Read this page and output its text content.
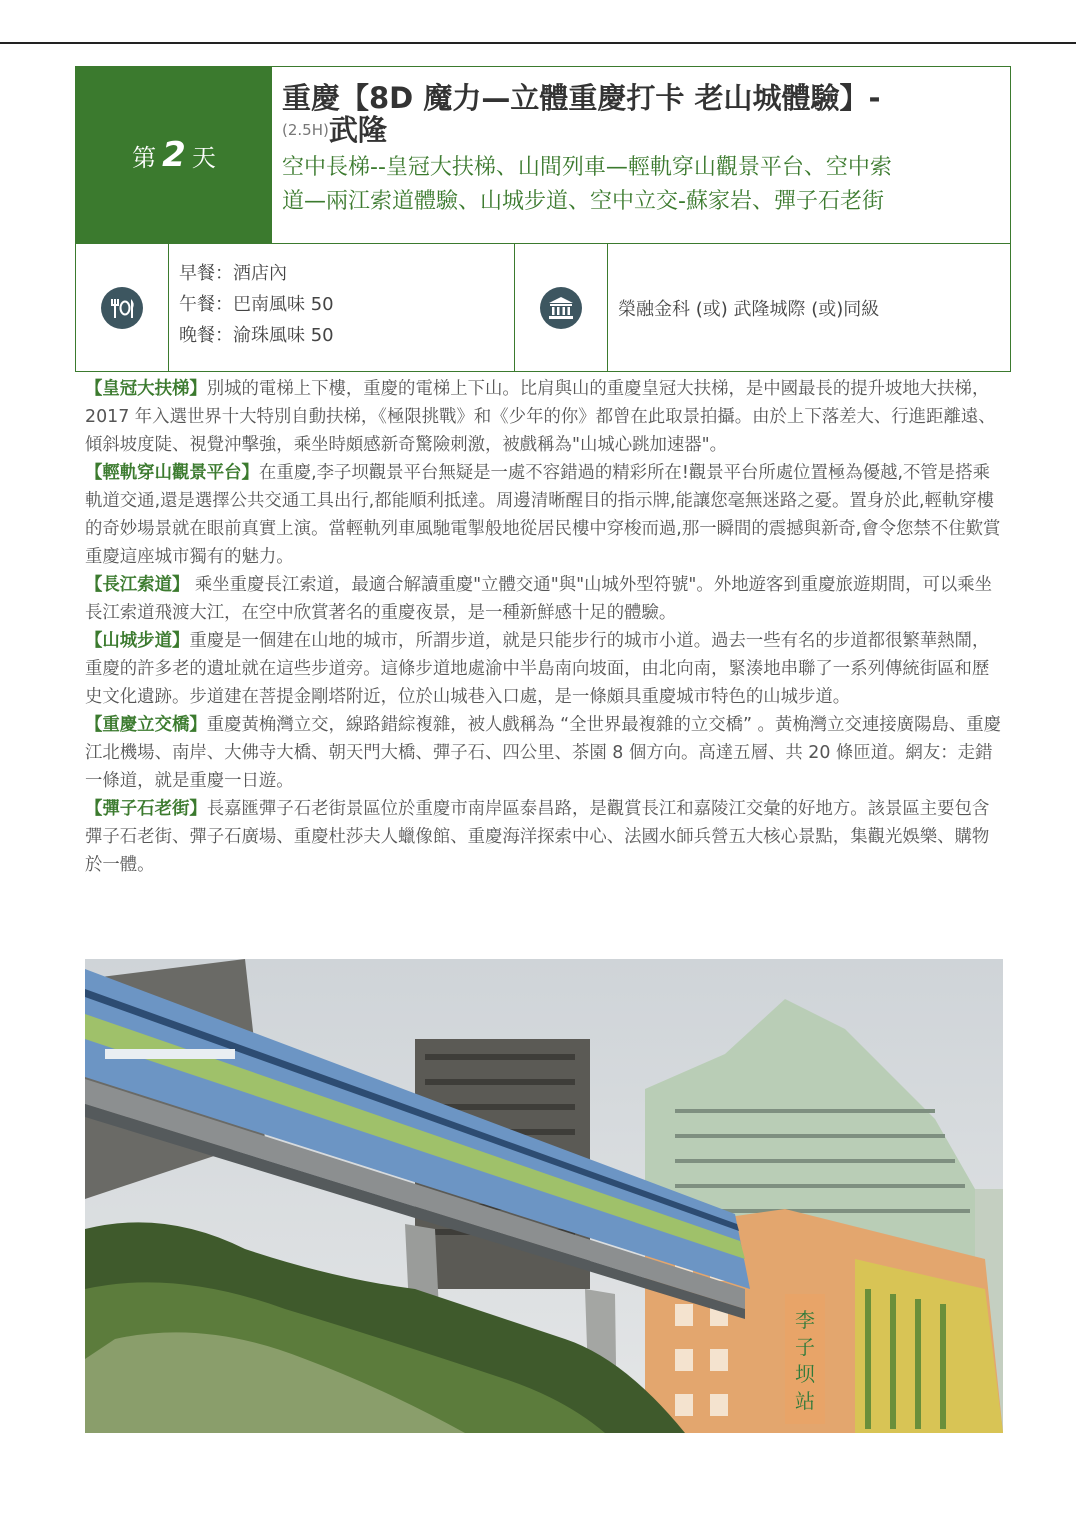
第 2 天
重慶【8D 魔力—立體重慶打卡 老山城體驗】-
(2.5H) 武隆
空中長梯--皇冠大扶梯、山間列車—輕軌穿山觀景平台、空中索
道—兩江索道體驗、山城步道、空中立交-蘇家岩、彈子石老街
早餐：酒店內
午餐：巴南風味 50
晚餐：渝珠風味 50
榮融金科 (或) 武隆城際 (或)同級

【皇冠大扶梯】別城的電梯上下樓，重慶的電梯上下山。比肩與山的重慶皇冠大扶梯，是中國最長的提升坡地大扶梯，2017 年入選世界十大特別自動扶梯，《極限挑戰》和《少年的你》都曾在此取景拍攝。由於上下落差大、行進距離遠、傾斜坡度陡、視覺沖擊強，乘坐時頗感新奇驚險刺激，被戲稱為"山城心跳加速器"。

【輕軌穿山觀景平台】在重慶,李子坝觀景平台無疑是一處不容錯過的精彩所在!觀景平台所處位置極為優越,不管是搭乘軌道交通,還是選擇公共交通工具出行,都能順利抵達。周邊清晰醒目的指示牌,能讓您毫無迷路之憂。置身於此,輕軌穿樓的奇妙場景就在眼前真實上演。當輕軌列車風馳電掣般地從居民樓中穿梭而過,那一瞬間的震撼與新奇,會令您禁不住歎賞重慶這座城市獨有的魅力。

【長江索道】 乘坐重慶長江索道，最適合解讀重慶"立體交通"與"山城外型符號"。外地遊客到重慶旅遊期間，可以乘坐長江索道飛渡大江，在空中欣賞著名的重慶夜景，是一種新鮮感十足的體驗。

【山城步道】重慶是一個建在山地的城市，所謂步道，就是只能步行的城市小道。過去一些有名的步道都很繁華熱鬧，重慶的許多老的遺址就在這些步道旁。這條步道地處渝中半島南向坡面，由北向南，緊湊地串聯了一系列傳統街區和歷史文化遺跡。步道建在菩提金剛塔附近，位於山城巷入口處，是一條頗具重慶城市特色的山城步道。

【重慶立交橋】重慶黃桷灣立交，線路錯綜複雜，被人戲稱為 “全世界最複雜的立交橋” 。黃桷灣立交連接廣陽島、重慶江北機場、南岸、大佛寺大橋、朝天門大橋、彈子石、四公里、茶園 8 個方向。高達五層、共 20 條匝道。網友：走錯一條道，就是重慶一日遊。

【彈子石老街】長嘉匯彈子石老街景區位於重慶市南岸區泰昌路，是觀賞長江和嘉陵江交彙的好地方。該景區主要包含彈子石老街、彈子石廣場、重慶杜莎夫人蠟像館、重慶海洋探索中心、法國水師兵營五大核心景點，集觀光娛樂、購物於一體。

李
子
坝
站
